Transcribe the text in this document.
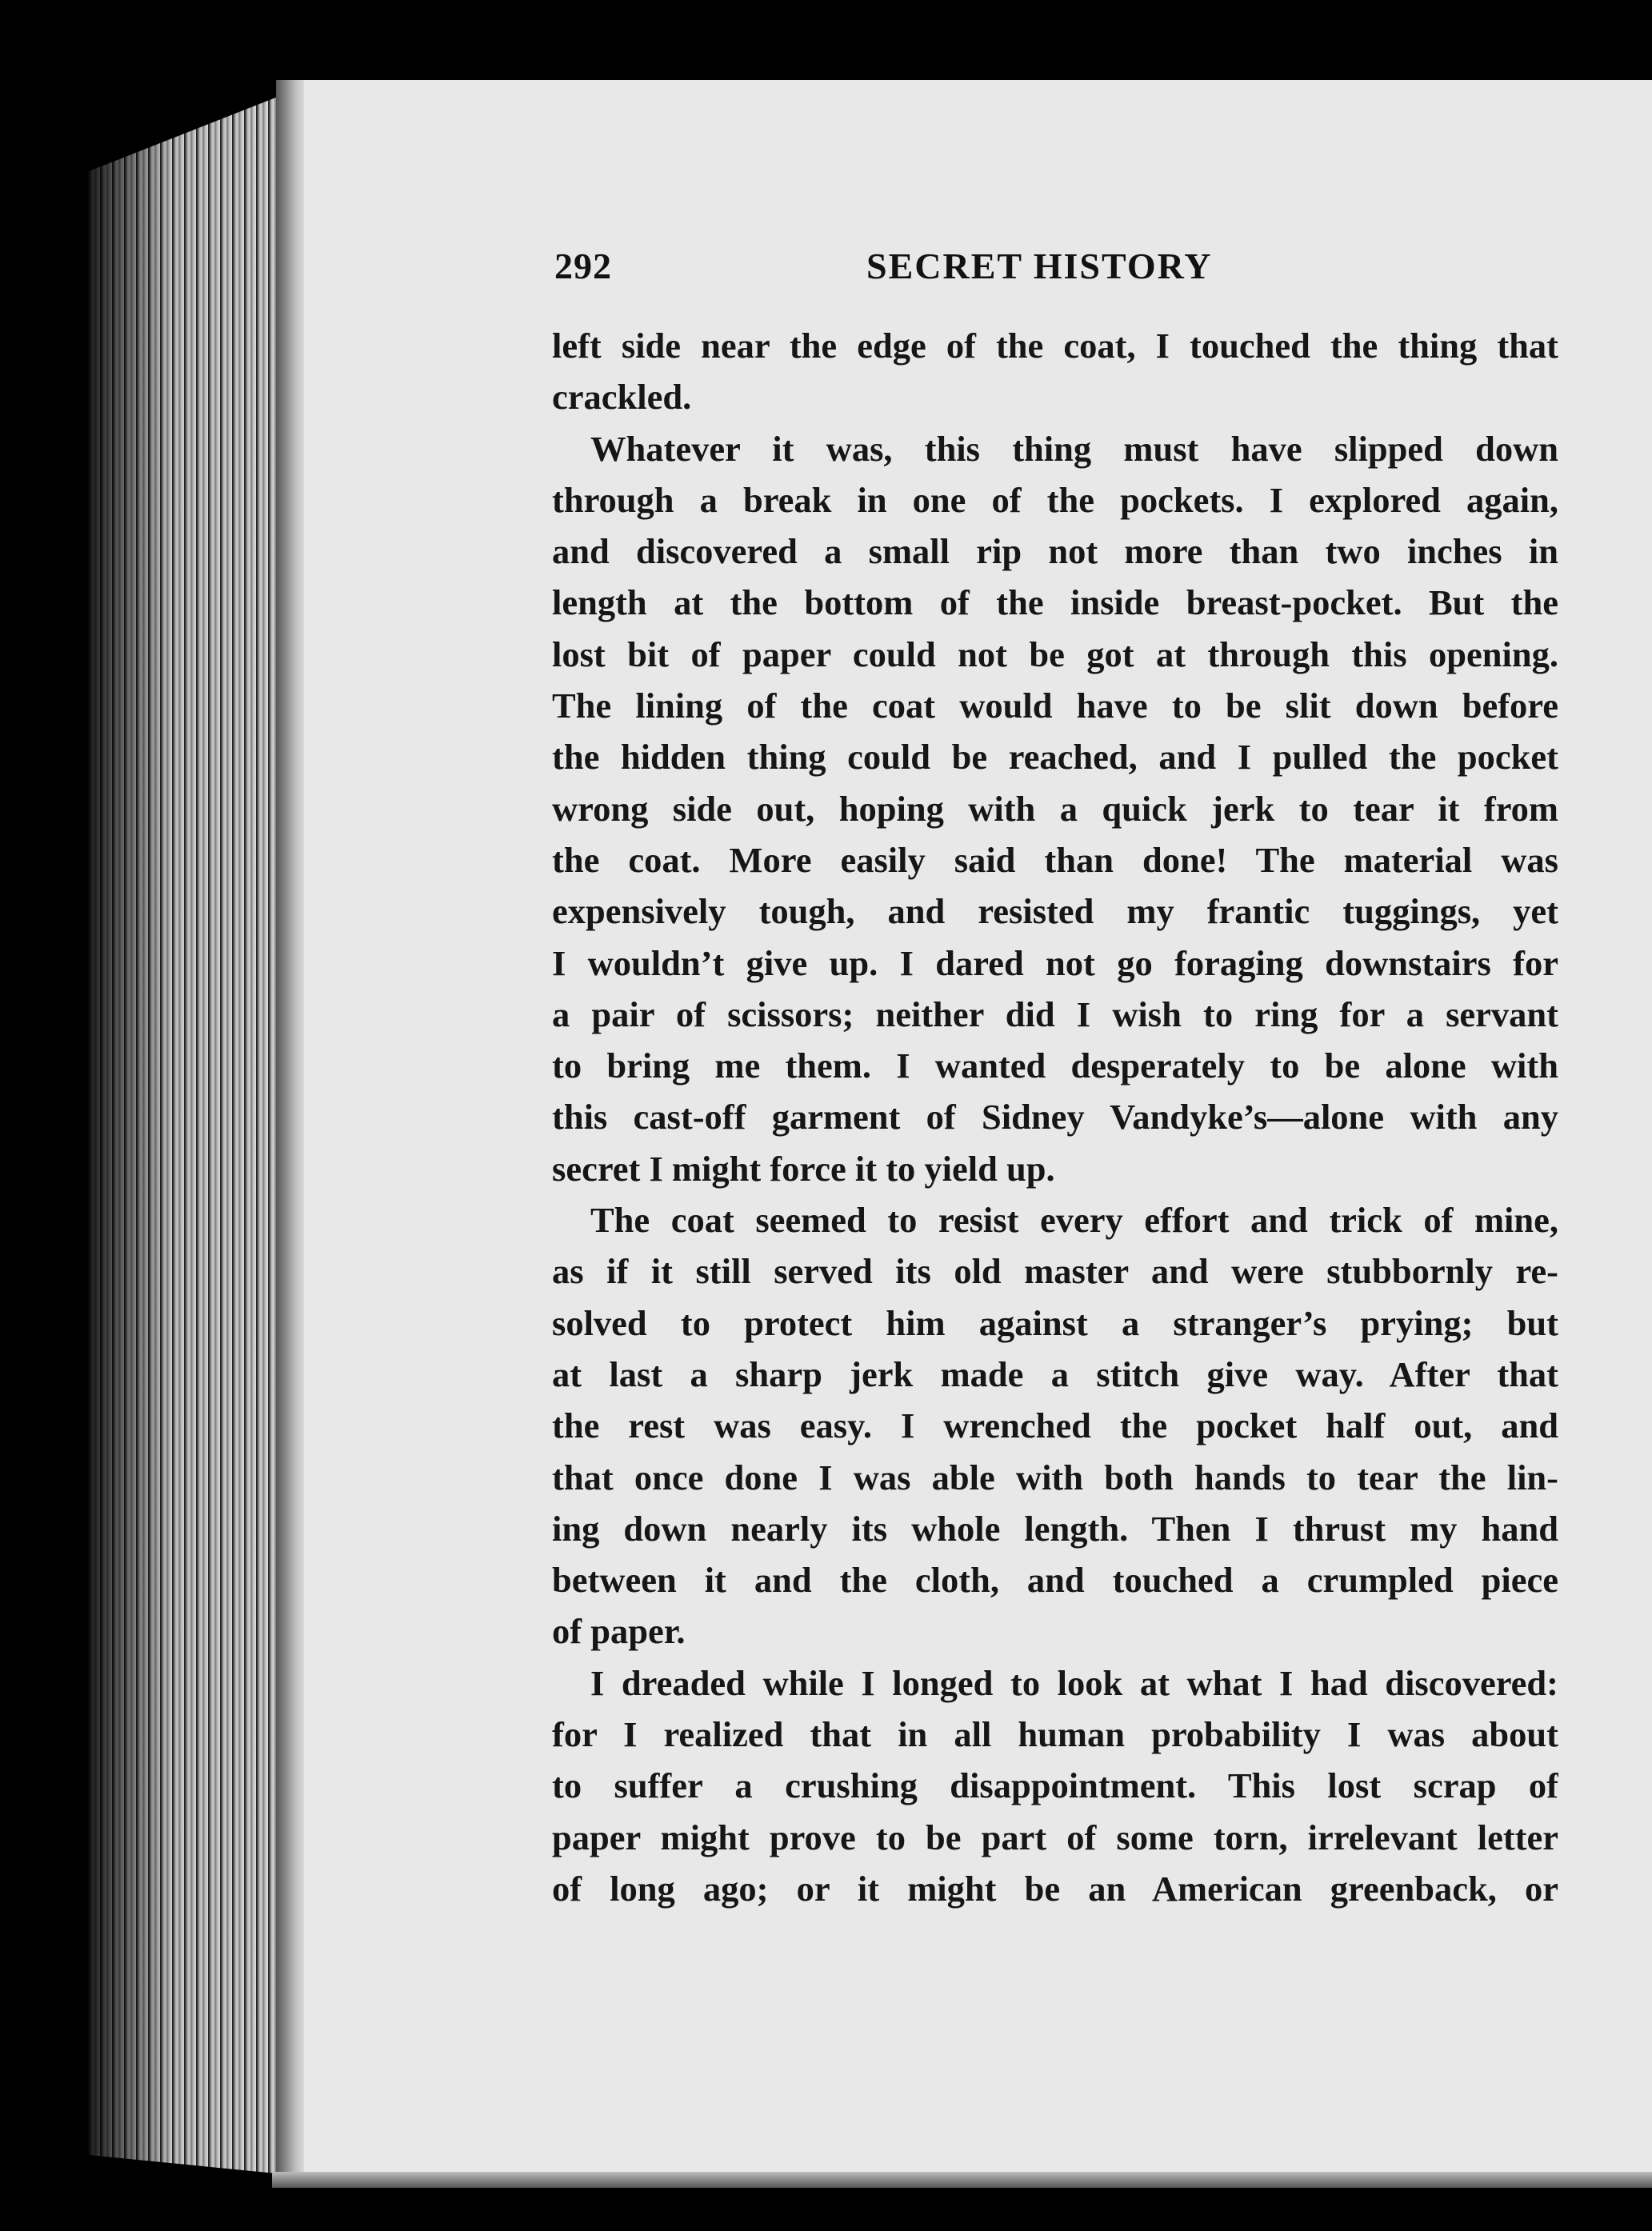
292	SECRET HISTORY
left side near the edge of the coat, I touched the thing that
crackled.
Whatever it was, this thing must have slipped down
through a break in one of the pockets. I explored again,
and discovered a small rip not more than two inches in
length at the bottom of the inside breast-pocket. But the
lost bit of paper could not be got at through this opening.
The lining of the coat would have to be slit down before
the hidden thing could be reached, and I pulled the pocket
wrong side out, hoping with a quick jerk to tear it from
the coat. More easily said than done! The material was
expensively tough, and resisted my frantic tuggings, yet
I wouldn’t give up. I dared not go foraging downstairs for
a pair of scissors; neither did I wish to ring for a servant
to bring me them. I wanted desperately to be alone with
this cast-off garment of Sidney Vandyke’s—alone with any
secret I might force it to yield up.
The coat seemed to resist every effort and trick of mine,
as if it still served its old master and were stubbornly re-
solved to protect him against a stranger’s prying; but
at last a sharp jerk made a stitch give way. After that
the rest was easy. I wrenched the pocket half out, and
that once done I was able with both hands to tear the lin-
ing down nearly its whole length. Then I thrust my hand
between it and the cloth, and touched a crumpled piece
of paper.
I dreaded while I longed to look at what I had discovered:
for I realized that in all human probability I was about
to suffer a crushing disappointment. This lost scrap of
paper might prove to be part of some torn, irrelevant letter
of long ago; or it might be an American greenback, or
